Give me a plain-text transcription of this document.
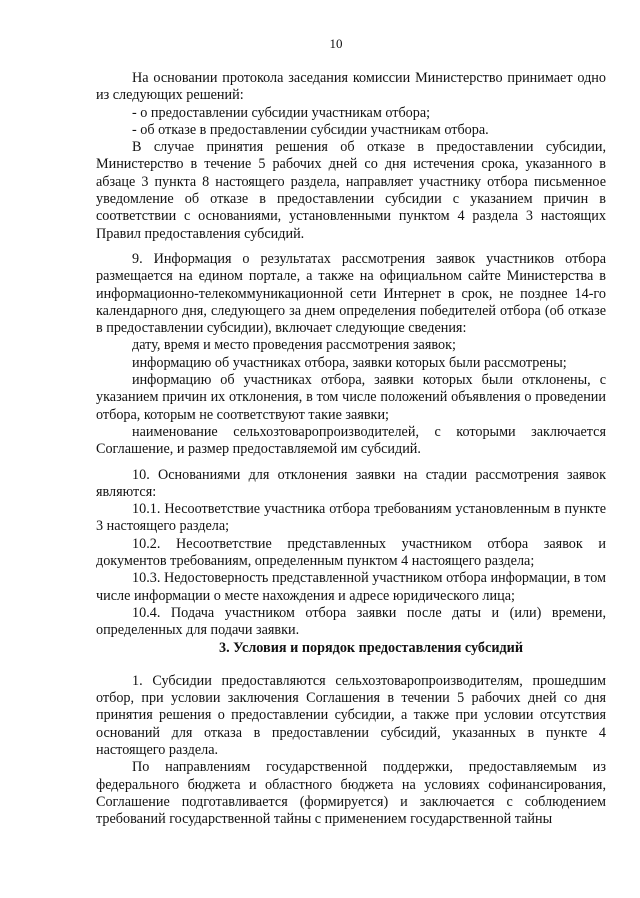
10

На основании протокола заседания комиссии Министерство принимает одно из следующих решений:

- о предоставлении субсидии участникам отбора;

- об отказе в предоставлении субсидии участникам отбора.

В случае принятия решения об отказе в предоставлении субсидии, Министерство в течение 5 рабочих дней со дня истечения срока, указанного в абзаце 3 пункта 8 настоящего раздела, направляет участнику отбора письменное уведомление об отказе в предоставлении субсидии с указанием причин в соответствии с основаниями, установленными пунктом 4 раздела 3 настоящих Правил предоставления субсидий.

9. Информация о результатах рассмотрения заявок участников отбора размещается на едином портале, а также на официальном сайте Министерства в информационно-телекоммуникационной сети Интернет в срок, не позднее 14-го календарного дня, следующего за днем определения победителей отбора (об отказе в предоставлении субсидии), включает следующие сведения:

дату, время и место проведения рассмотрения заявок;

информацию об участниках отбора, заявки которых были рассмотрены;

информацию об участниках отбора, заявки которых были отклонены, с указанием причин их отклонения, в том числе положений объявления о проведении отбора, которым не соответствуют такие заявки;

наименование сельхозтоваропроизводителей, с которыми заключается Соглашение, и размер предоставляемой им субсидий.

10. Основаниями для отклонения заявки на стадии рассмотрения заявок являются:

10.1. Несоответствие участника отбора требованиям установленным в пункте 3 настоящего раздела;

10.2. Несоответствие представленных участником отбора заявок и документов требованиям, определенным пунктом 4 настоящего раздела;

10.3. Недостоверность представленной участником отбора информации, в том числе информации о месте нахождения и адресе юридического лица;

10.4. Подача участником отбора заявки после даты и (или) времени, определенных для подачи заявки.

3. Условия и порядок предоставления субсидий

1. Субсидии предоставляются сельхозтоваропроизводителям, прошедшим отбор, при условии заключения Соглашения в течении 5 рабочих дней со дня принятия решения о предоставлении субсидии, а также при условии отсутствия оснований для отказа в предоставлении субсидий, указанных в пункте 4 настоящего раздела.

По направлениям государственной поддержки, предоставляемым из федерального бюджета и областного бюджета на условиях софинансирования, Соглашение подготавливается (формируется) и заключается с соблюдением требований государственной тайны с применением государственной тайны
